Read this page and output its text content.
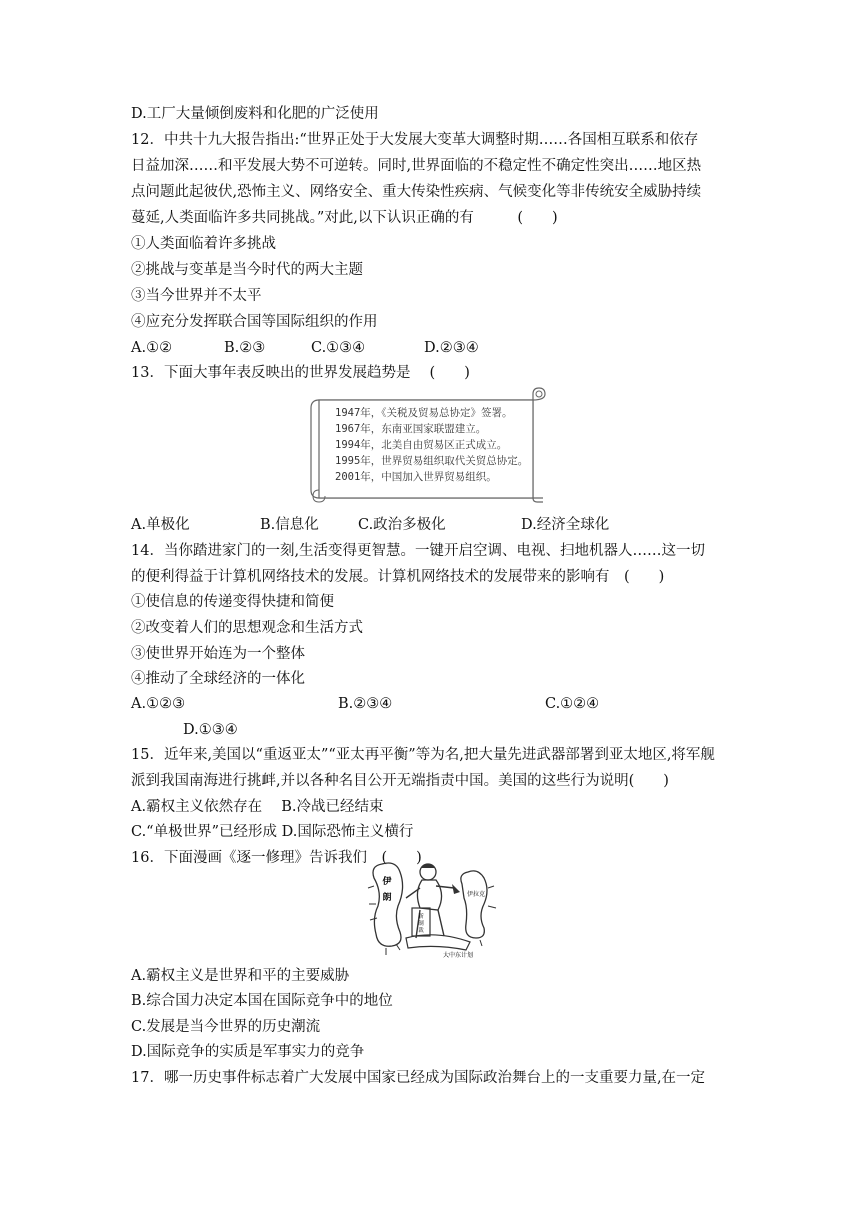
D.工厂大量倾倒废料和化肥的广泛使用
12．中共十九大报告指出:“世界正处于大发展大变革大调整时期……各国相互联系和依存
日益加深……和平发展大势不可逆转。同时,世界面临的不稳定性不确定性突出……地区热
点问题此起彼伏,恐怖主义、网络安全、重大传染性疾病、气候变化等非传统安全威胁持续
蔓延,人类面临许多共同挑战。”对此,以下认识正确的有　　　(　　)
①人类面临着许多挑战
②挑战与变革是当今时代的两大主题
③当今世界并不太平
④应充分发挥联合国等国际组织的作用
A.①②	B.②③	C.①③④	D.②③④
13．下面大事年表反映出的世界发展趋势是　 (　　)
1947年，《关税及贸易总协定》签署。
1967年，东南亚国家联盟建立。
1994年，北美自由贸易区正式成立。
1995年，世界贸易组织取代关贸总协定。
2001年，中国加入世界贸易组织。
A.单极化	B.信息化	C.政治多极化	D.经济全球化
14．当你踏进家门的一刻,生活变得更智慧。一键开启空调、电视、扫地机器人……这一切
的便利得益于计算机网络技术的发展。计算机网络技术的发展带来的影响有　(　　)
①使信息的传递变得快捷和简便
②改变着人们的思想观念和生活方式
③使世界开始连为一个整体
④推动了全球经济的一体化
A.①②③	B.②③④	C.①②④
D.①③④
15．近年来,美国以“重返亚太”“亚太再平衡”等为名,把大量先进武器部署到亚太地区,将军舰
派到我国南海进行挑衅,并以各种名目公开无端指责中国。美国的这些行为说明(　　)
A.霸权主义依然存在　 B.冷战已经结束
C.“单极世界”已经形成 D.国际恐怖主义横行
16．下面漫画《逐一修理》告诉我们　(　　)
伊
朗
新
制
裁
伊拉克
大中东计划
A.霸权主义是世界和平的主要威胁
B.综合国力决定本国在国际竞争中的地位
C.发展是当今世界的历史潮流
D.国际竞争的实质是军事实力的竞争
17．哪一历史事件标志着广大发展中国家已经成为国际政治舞台上的一支重要力量,在一定
